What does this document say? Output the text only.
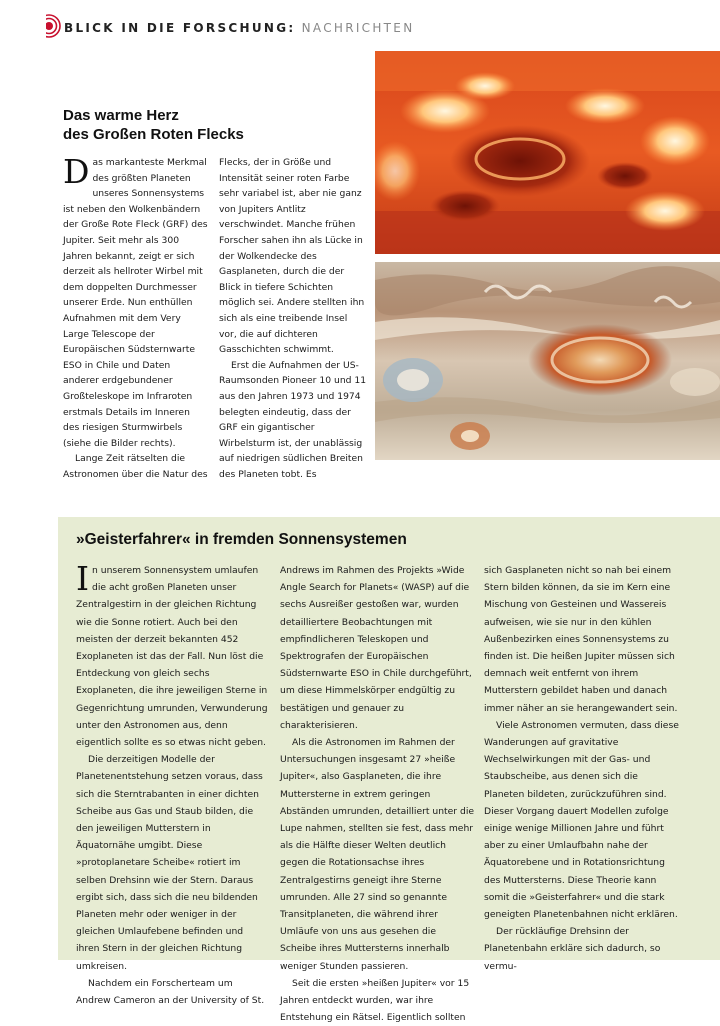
BLICK IN DIE FORSCHUNG: NACHRICHTEN
Das warme Herz
des Großen Roten Flecks

Das markanteste Merkmal des größten Planeten unseres Sonnensystems ist neben den Wolkenbändern der Große Rote Fleck (GRF) des Jupiter. Seit mehr als 300 Jahren bekannt, zeigt er sich derzeit als hellroter Wirbel mit dem doppelten Durchmesser unserer Erde. Nun enthüllen Aufnahmen mit dem Very Large Telescope der Europäischen Südsternwarte ESO in Chile und Daten anderer erdgebundener Großteleskope im Infraroten erstmals Details im Inneren des riesigen Sturmwirbels (siehe die Bilder rechts).

Lange Zeit rätselten die Astronomen über die Natur des

Flecks, der in Größe und Intensität seiner roten Farbe sehr variabel ist, aber nie ganz von Jupiters Antlitz verschwindet. Manche frühen Forscher sahen ihn als Lücke in der Wolkendecke des Gasplaneten, durch die der Blick in tiefere Schichten möglich sei. Andere stellten ihn sich als eine treibende Insel vor, die auf dichteren Gasschichten schwimmt.

Erst die Aufnahmen der US-Raumsonden Pioneer 10 und 11 aus den Jahren 1973 und 1974 belegten eindeutig, dass der GRF ein gigantischer Wirbelsturm ist, der unablässig auf niedrigen südlichen Breiten des Planeten tobt. Es

»Geisterfahrer« in fremden Sonnensystemen

In unserem Sonnensystem umlaufen die acht großen Planeten unser Zentralgestirn in der gleichen Richtung wie die Sonne rotiert. Auch bei den meisten der derzeit bekannten 452 Exoplaneten ist das der Fall. Nun löst die Entdeckung von gleich sechs Exoplaneten, die ihre jeweiligen Sterne in Gegenrichtung umrunden, Verwunderung unter den Astronomen aus, denn eigentlich sollte es so etwas nicht geben.

Die derzeitigen Modelle der Planetenentstehung setzen voraus, dass sich die Sterntrabanten in einer dichten Scheibe aus Gas und Staub bilden, die den jeweiligen Mutterstern in Äquatornähe umgibt. Diese »protoplanetare Scheibe« rotiert im selben Drehsinn wie der Stern. Daraus ergibt sich, dass sich die neu bildenden Planeten mehr oder weniger in der gleichen Umlaufebene befinden und ihren Stern in der gleichen Richtung umkreisen.

Nachdem ein Forscherteam um Andrew Cameron an der University of St.

Andrews im Rahmen des Projekts »Wide Angle Search for Planets« (WASP) auf die sechs Ausreißer gestoßen war, wurden detailliertere Beobachtungen mit empfindlicheren Teleskopen und Spektrografen der Europäischen Südsternwarte ESO in Chile durchgeführt, um diese Himmelskörper endgültig zu bestätigen und genauer zu charakterisieren.

Als die Astronomen im Rahmen der Untersuchungen insgesamt 27 »heiße Jupiter«, also Gasplaneten, die ihre Muttersterne in extrem geringen Abständen umrunden, detailliert unter die Lupe nahmen, stellten sie fest, dass mehr als die Hälfte dieser Welten deutlich gegen die Rotationsachse ihres Zentralgestirns geneigt ihre Sterne umrunden. Alle 27 sind so genannte Transitplaneten, die während ihrer Umläufe von uns aus gesehen die Scheibe ihres Muttersterns innerhalb weniger Stunden passieren.

Seit die ersten »heißen Jupiter« vor 15 Jahren entdeckt wurden, war ihre Entstehung ein Rätsel. Eigentlich sollten

sich Gasplaneten nicht so nah bei einem Stern bilden können, da sie im Kern eine Mischung von Gesteinen und Wassereis aufweisen, wie sie nur in den kühlen Außenbezirken eines Sonnensystems zu finden ist. Die heißen Jupiter müssen sich demnach weit entfernt von ihrem Mutterstern gebildet haben und danach immer näher an sie herangewandert sein.

Viele Astronomen vermuten, dass diese Wanderungen auf gravitative Wechselwirkungen mit der Gas- und Staubscheibe, aus denen sich die Planeten bildeten, zurückzuführen sind. Dieser Vorgang dauert Modellen zufolge einige wenige Millionen Jahre und führt aber zu einer Umlaufbahn nahe der Äquatorebene und in Rotationsrichtung des Muttersterns. Diese Theorie kann somit die »Geisterfahrer« und die stark geneigten Planetenbahnen nicht erklären.

Der rückläufige Drehsinn der Planetenbahn erkläre sich dadurch, so vermu-
